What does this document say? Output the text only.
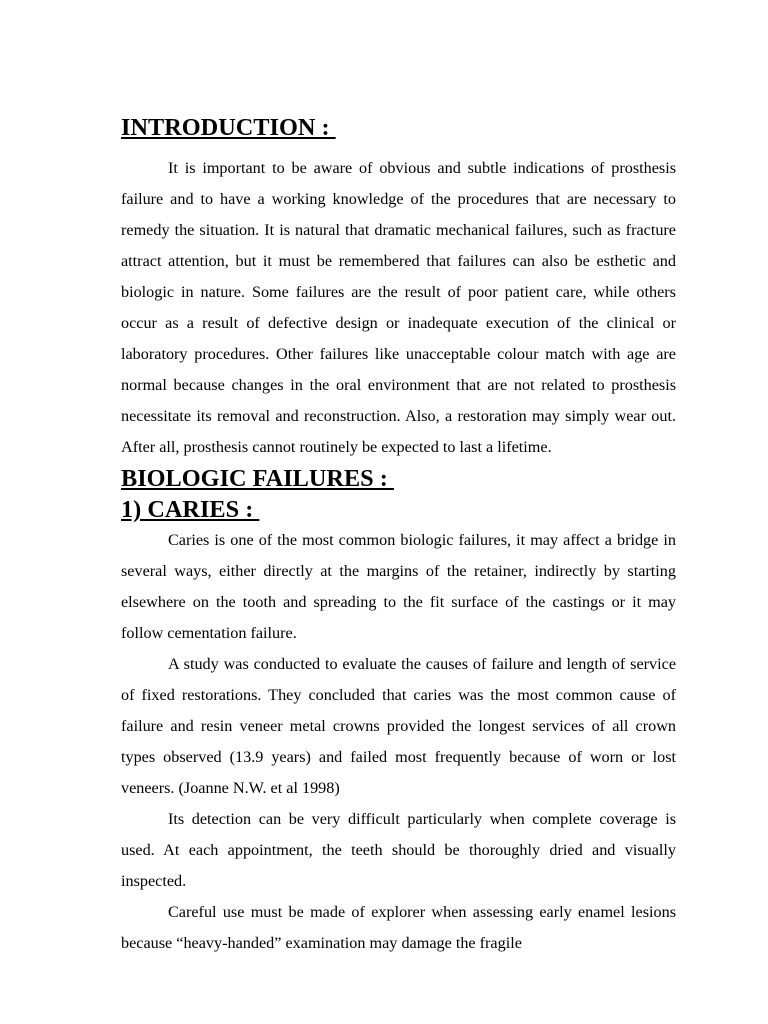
INTRODUCTION :

It is important to be aware of obvious and subtle indications of prosthesis failure and to have a working knowledge of the procedures that are necessary to remedy the situation. It is natural that dramatic mechanical failures, such as fracture attract attention, but it must be remembered that failures can also be esthetic and biologic in nature. Some failures are the result of poor patient care, while others occur as a result of defective design or inadequate execution of the clinical or laboratory procedures. Other failures like unacceptable colour match with age are normal because changes in the oral environment that are not related to prosthesis necessitate its removal and reconstruction. Also, a restoration may simply wear out. After all, prosthesis cannot routinely be expected to last a lifetime.

BIOLOGIC FAILURES :
1) CARIES :

Caries is one of the most common biologic failures, it may affect a bridge in several ways, either directly at the margins of the retainer, indirectly by starting elsewhere on the tooth and spreading to the fit surface of the castings or it may follow cementation failure.

A study was conducted to evaluate the causes of failure and length of service of fixed restorations. They concluded that caries was the most common cause of failure and resin veneer metal crowns provided the longest services of all crown types observed (13.9 years) and failed most frequently because of worn or lost veneers. (Joanne N.W. et al 1998)

Its detection can be very difficult particularly when complete coverage is used. At each appointment, the teeth should be thoroughly dried and visually inspected.

Careful use must be made of explorer when assessing early enamel lesions because “heavy-handed” examination may damage the fragile
